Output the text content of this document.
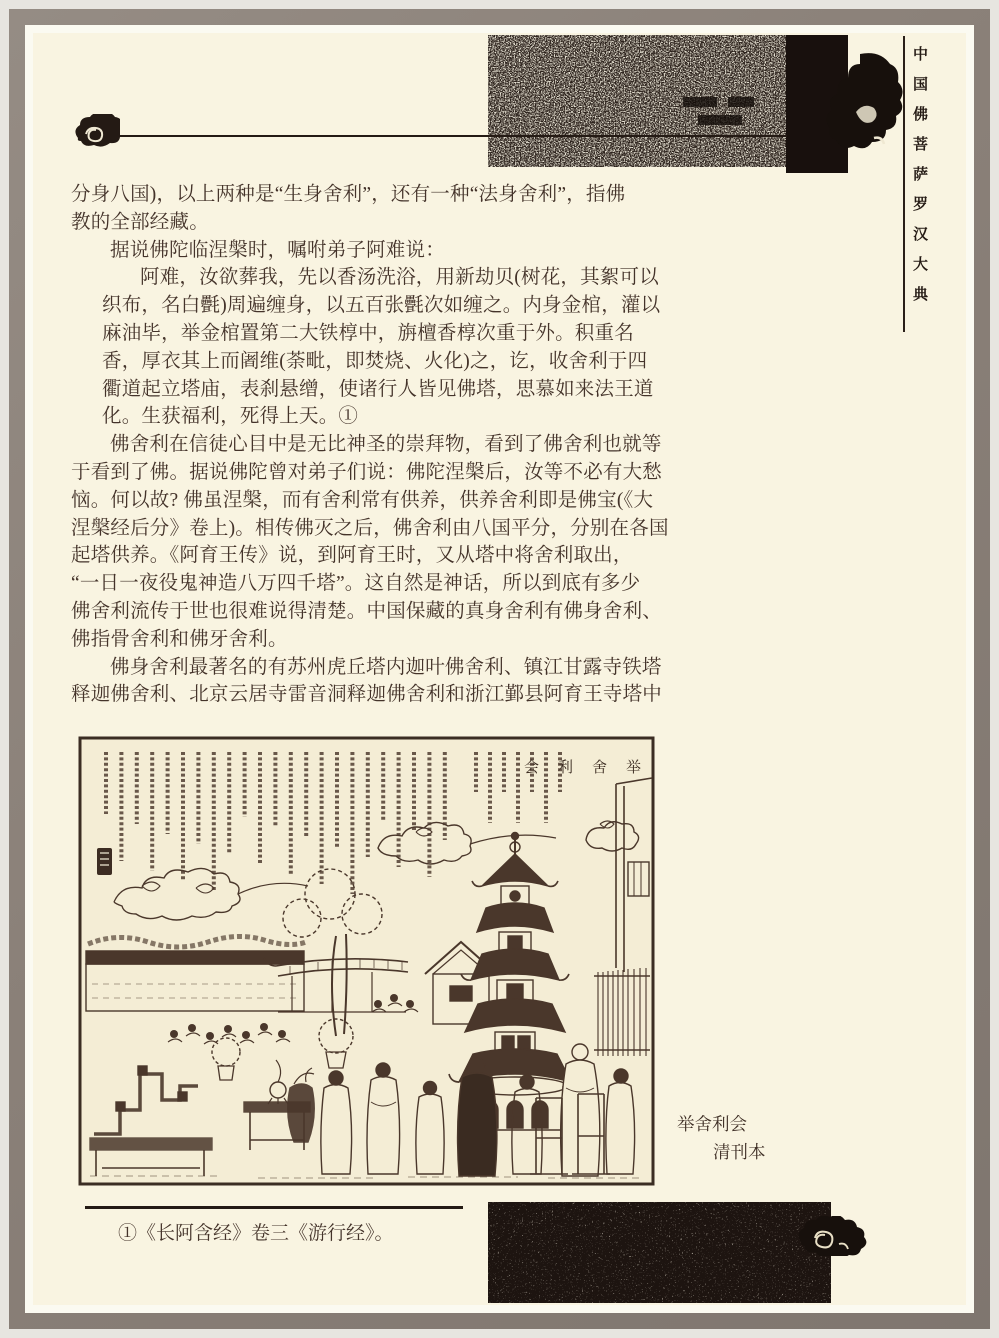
中国佛菩萨罗汉大典
分身八国)，以上两种是“生身舍利”，还有一种“法身舍利”，指佛
教的全部经藏。
据说佛陀临涅槃时，嘱咐弟子阿难说：
阿难，汝欲葬我，先以香汤洗浴，用新劫贝(树花，其絮可以
织布，名白㲲)周遍缠身，以五百张㲲次如缠之。内身金棺，灌以
麻油毕，举金棺置第二大铁椁中，旃檀香椁次重于外。积重名
香，厚衣其上而阇维(荼毗，即焚烧、火化)之，讫，收舍利于四
衢道起立塔庙，表刹悬缯，使诸行人皆见佛塔，思慕如来法王道
化。生获福利，死得上天。①
佛舍利在信徒心目中是无比神圣的崇拜物，看到了佛舍利也就等
于看到了佛。据说佛陀曾对弟子们说：佛陀涅槃后，汝等不必有大愁
恼。何以故? 佛虽涅槃，而有舍利常有供养，供养舍利即是佛宝(《大
涅槃经后分》卷上)。相传佛灭之后，佛舍利由八国平分，分别在各国
起塔供养。《阿育王传》说，到阿育王时，又从塔中将舍利取出，
“一日一夜役鬼神造八万四千塔”。这自然是神话，所以到底有多少
佛舍利流传于世也很难说得清楚。中国保藏的真身舍利有佛身舍利、
佛指骨舍利和佛牙舍利。
佛身舍利最著名的有苏州虎丘塔内迦叶佛舍利、镇江甘露寺铁塔
释迦佛舍利、北京云居寺雷音洞释迦佛舍利和浙江鄞县阿育王寺塔中
举
舍
利
会
举舍利会
清刊本
①《长阿含经》卷三《游行经》。
